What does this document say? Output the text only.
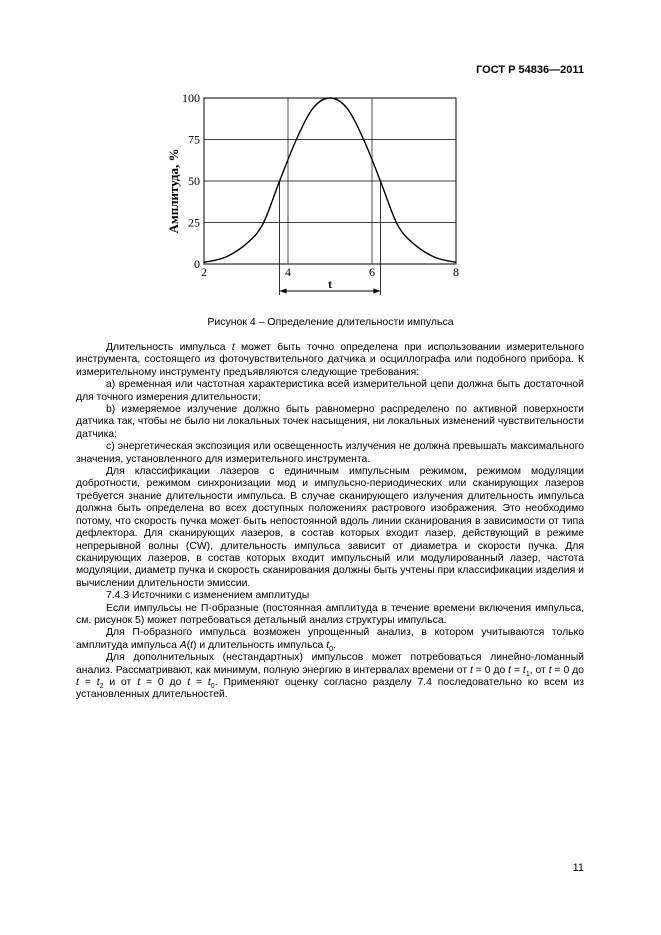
ГОСТ Р 54836—2011
0
25
50
75
100
2	4	6	8
Амплитуда, %
t
Рисунок 4 – Определение длительности импульса

Длительность импульса t может быть точно определена при использовании измерительного инструмента, состоящего из фоточувствительного датчика и осциллографа или подобного прибора. К измерительному инструменту предъявляются следующие требования:

a) временная или частотная характеристика всей измерительной цепи должна быть достаточной для точного измерения длительности;

b) измеряемое излучение должно быть равномерно распределено по активной поверхности датчика так, чтобы не было ни локальных точек насыщения, ни локальных изменений чувствительности датчика;

c) энергетическая экспозиция или освещенность излучения не должна превышать максимального значения, установленного для измерительного инструмента.

Для классификации лазеров с единичным импульсным режимом, режимом модуляции добротности, режимом синхронизации мод и импульсно-периодических или сканирующих лазеров требуется знание длительности импульса. В случае сканирующего излучения длительность импульса должна быть определена во всех доступных положениях растрового изображения. Это необходимо потому, что скорость пучка может быть непостоянной вдоль линии сканирования в зависимости от типа дефлектора. Для сканирующих лазеров, в состав которых входит лазер, действующий в режиме непрерывной волны (CW), длительность импульса зависит от диаметра и скорости пучка. Для сканирующих лазеров, в состав которых входит импульсный или модулированный лазер, частота модуляции, диаметр пучка и скорость сканирования должны быть учтены при классификации изделия и вычислении длительности эмиссии.

7.4.3 Источники с изменением амплитуды

Если импульсы не П-образные (постоянная амплитуда в течение времени включения импульса, см. рисунок 5) может потребоваться детальный анализ структуры импульса.

Для П-образного импульса возможен упрощенный анализ, в котором учитываются только амплитуда импульса A(t) и длительность импульса $t_0$.

Для дополнительных (нестандартных) импульсов может потребоваться линейно-ломанный анализ. Рассматривают, как минимум, полную энергию в интервалах времени от t = 0 до $t = t_1$, от t = 0 до $t = t_2$ и от t = 0 до $t = t_0$. Применяют оценку согласно разделу 7.4 последовательно ко всем из установленных длительностей.

11
